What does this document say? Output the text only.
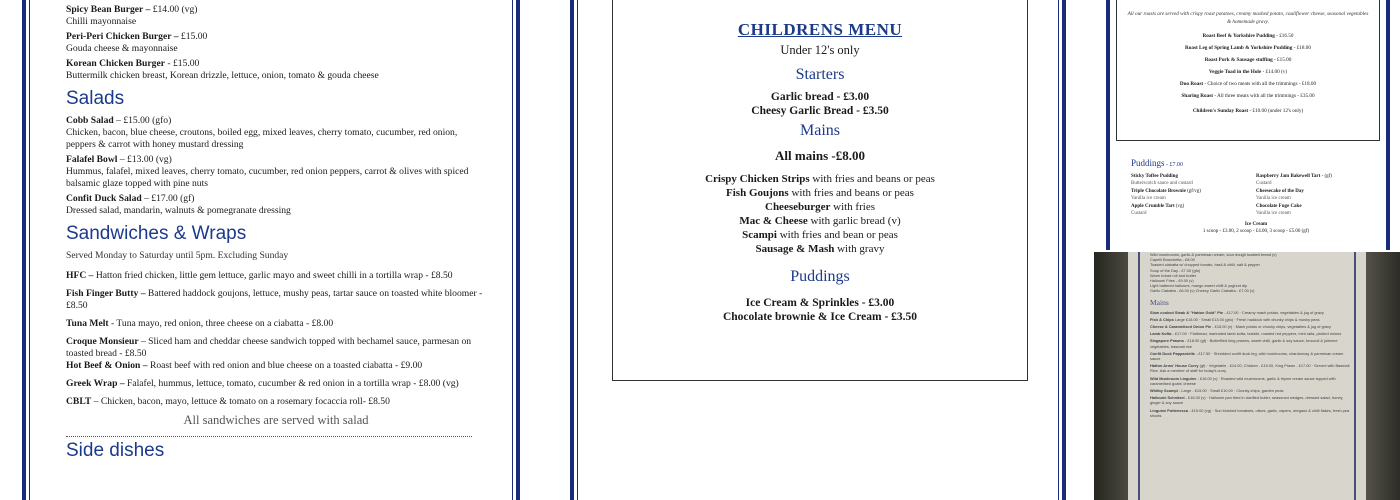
Spicy Bean Burger – £14.00 (vg)
Chilli mayonnaise
Peri-Peri Chicken Burger – £15.00
Gouda cheese & mayonnaise
Korean Chicken Burger - £15.00
Buttermilk chicken breast, Korean drizzle, lettuce, onion, tomato & gouda cheese
Salads
Cobb Salad – £15.00 (gfo)
Chicken, bacon, blue cheese, croutons, boiled egg, mixed leaves, cherry tomato, cucumber, red onion, peppers & carrot with honey mustard dressing
Falafel Bowl – £13.00 (vg)
Hummus, falafel, mixed leaves, cherry tomato, cucumber, red onion peppers, carrot & olives with spiced balsamic glaze topped with pine nuts
Confit Duck Salad – £17.00 (gf)
Dressed salad, mandarin, walnuts & pomegranate dressing
Sandwiches & Wraps
Served Monday to Saturday until 5pm. Excluding Sunday
HFC – Hatton fried chicken, little gem lettuce, garlic mayo and sweet chilli in a tortilla wrap - £8.50
Fish Finger Butty – Battered haddock goujons, lettuce, mushy peas, tartar sauce on toasted white bloomer - £8.50
Tuna Melt - Tuna mayo, red onion, three cheese on a ciabatta - £8.00
Croque Monsieur – Sliced ham and cheddar cheese sandwich topped with bechamel sauce, parmesan on toasted bread - £8.50
Hot Beef & Onion – Roast beef with red onion and blue cheese on a toasted ciabatta - £9.00
Greek Wrap – Falafel, hummus, lettuce, tomato, cucumber & red onion in a tortilla wrap - £8.00 (vg)
CBLT – Chicken, bacon, mayo, lettuce & tomato on a rosemary focaccia roll- £8.50
All sandwiches are served with salad
Side dishes
CHILDRENS MENU
Under 12's only
Starters
Garlic bread - £3.00
Cheesy Garlic Bread - £3.50
Mains
All mains -£8.00
Crispy Chicken Strips with fries and beans or peas
Fish Goujons with fries and beans or peas
Cheeseburger with fries
Mac & Cheese with garlic bread (v)
Scampi with fries and bean or peas
Sausage & Mash with gravy
Puddings
Ice Cream & Sprinkles - £3.00
Chocolate brownie & Ice Cream - £3.50
All our roasts are served with crispy roast potatoes, creamy mashed potato, cauliflower cheese, seasonal vegetables & homemade gravy.
Roast Beef & Yorkshire Pudding - £16.50
Roast Leg of Spring Lamb & Yorkshire Pudding - £18.00
Roast Pork & Sausage stuffing - £15.00
Veggie Toad in the Hole - £14.00 (v)
Duo Roast - Choice of two meats with all the trimmings - £18.00
Sharing Roast - All three meats with all the trimmings - £35.00
Children's Sunday Roast - £10.00 (under 12's only)
Puddings - £7.00
Sticky Toffee Pudding
Butterscotch sauce and custard
Triple Chocolate Brownie (gf/vg)
Vanilla ice cream
Apple Crumble Tart (vg)
Custard
Raspberry Jam Bakewell Tart - (gf)
Custard
Cheesecake of the Day
Vanilla ice cream
Chocolate Fuge Cake
Vanilla ice cream
Ice Cream
1 scoop - £3.00, 2 scoop - £4.00, 3 scoop - £5.00 (gf)
Wild mushrooms, garlic & parmesan cream, sour dough toasted bread (v)
Capelli Bruschetta - £8.00
Toasted ciabatta w/ chopped tomato, basil & chilli, salt & pepper
Soup of the Day - £7.00 (gfo)
Warm bread roll and butter
Halloumi Fries - £9.00 (v)
Light battered halloumi, mango sweet chilli & yoghurt dip
Garlic Ciabatta - £6.00 (v) Cheesy Garlic Ciabatta - £7.00 (v)
Mains
Slow cooked Steak & "Hatton Gold" Pie - £17.00 · Creamy mash potato, vegetables & jug of gravy
Fish & Chips Large £18.00 · Small £13.00 (gfo) · Fresh haddock with chunky chips & mushy peas
Cheese & Caramelised Onion Pie - £15.00 (v) · Mash potato or chunky chips, vegetables & jug of gravy
Lamb Kofta - £17.00 · Flatbread, marinated lamb kofta, tzatziki, roasted red peppers, mint raita, pickled onions
Singapore Prawns - £18.00 (gf) · Butterflied king prawns, sweet chilli, garlic & soy sauce, broccoli & julienne vegetables, basmati rice
Confit Duck Pappardelle - £17.50 · Shredded confit duck leg, wild mushrooms, chardonnay & parmesan cream sauce
Hatton Arms' House Curry (gf) · Vegetable - £14.00, Chicken - £15.00, King Prawn - £17.00 · Served with Basmati Rice. Ask a member of staff for today's curry
Wild Mushroom Linguine - £16.00 (v) · Roasted wild mushrooms, garlic & thyme cream sauce topped with caramelised goats' cheese
Whitby Scampi - Large - £15.00 · Small £10.00 · Chunky chips, garden peas
Halloumi Schnitzel - £16.00 (v) · Halloumi pan fried in clarified butter, seasoned wedges, dressed salad, honey, ginger & soy sauce
Linguine Puttenesca - £15.00 (vg) · Sun blushed tomatoes, olives, garlic, capers, oregano & chilli flakes, fresh pea shoots
